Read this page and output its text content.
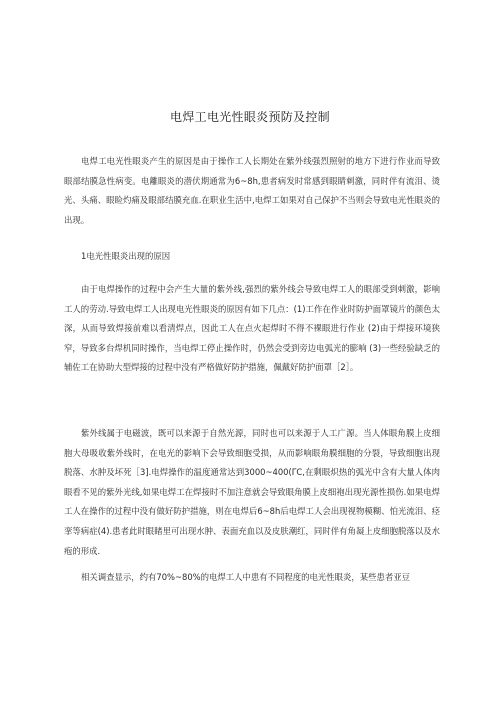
电焊工电光性眼炎预防及控制

电焊工电光性眼炎产生的原因是由于操作工人长期处在紫外线强烈照射的地方下进行作业而导致眼部结膜急性病变。电離眼炎的潜伏期通常为6~8h,患者病发时常感到眼睛刺激，同时伴有流泪、烫光、头痛、眼睑灼痛及眼部结膜充血.在职业生活中,电焊工如果对自己保护不当则会导致电光性眼炎的出现。

1电光性眼炎出现的原因

由于电焊操作的过程中会产生大量的紫外线,强烈的紫外线会导致电焊工人的眼部受到刺激，影响工人的劳动.导致电焊工人出现电光性眼炎的原因有如下几点：(1)工作在作业时防护面罩镜片的颜色太深，从而导致焊接前难以看清焊点，因此工人在点火起焊时不得不裸眼进行作业 (2)由于焊接环境狭窄，导致多台焊机同时操作，当电焊工停止操作时，仍然会受到旁边电弧光的膨响 (3)一些经验缺乏的辅佐工在协助大型焊接的过程中没有严格做好防护措施，佩戴好防护面罩［2］。

紫外线属于电磁波，既可以来源于自然光源，同时也可以来源于人工广源。当人体眼角膜上皮细胞大母吸收紫外线时，在电光的影响下会导致细胞受损，从而影响眼角膜细胞的分裂，导致细胞出现脱落、水肿及坏死［3].电焊操作的温度通常达到3000~400(ΓC,在剩眼炽热的弧光中含有大量人体肉眼看不见的紫外光线,如果电焊工在焊接时不加注意就会导致眼角膜上皮细袍出现光源性损伤.如果电焊工人在操作的过程中没有做好防护措施，则在电焊后6~8h后电焊工人会出现视物模糊、怕光流泪、痉挛等病症(4).患者此时眼睹里可出现水肿、表面充血以及皮肤潮红，同时伴有角凝上皮细胞脱落以及水疱的形成.

相关调查显示，约有70%~80%的电焊工人中患有不同程度的电光性眼炎，某些患者亚豆
